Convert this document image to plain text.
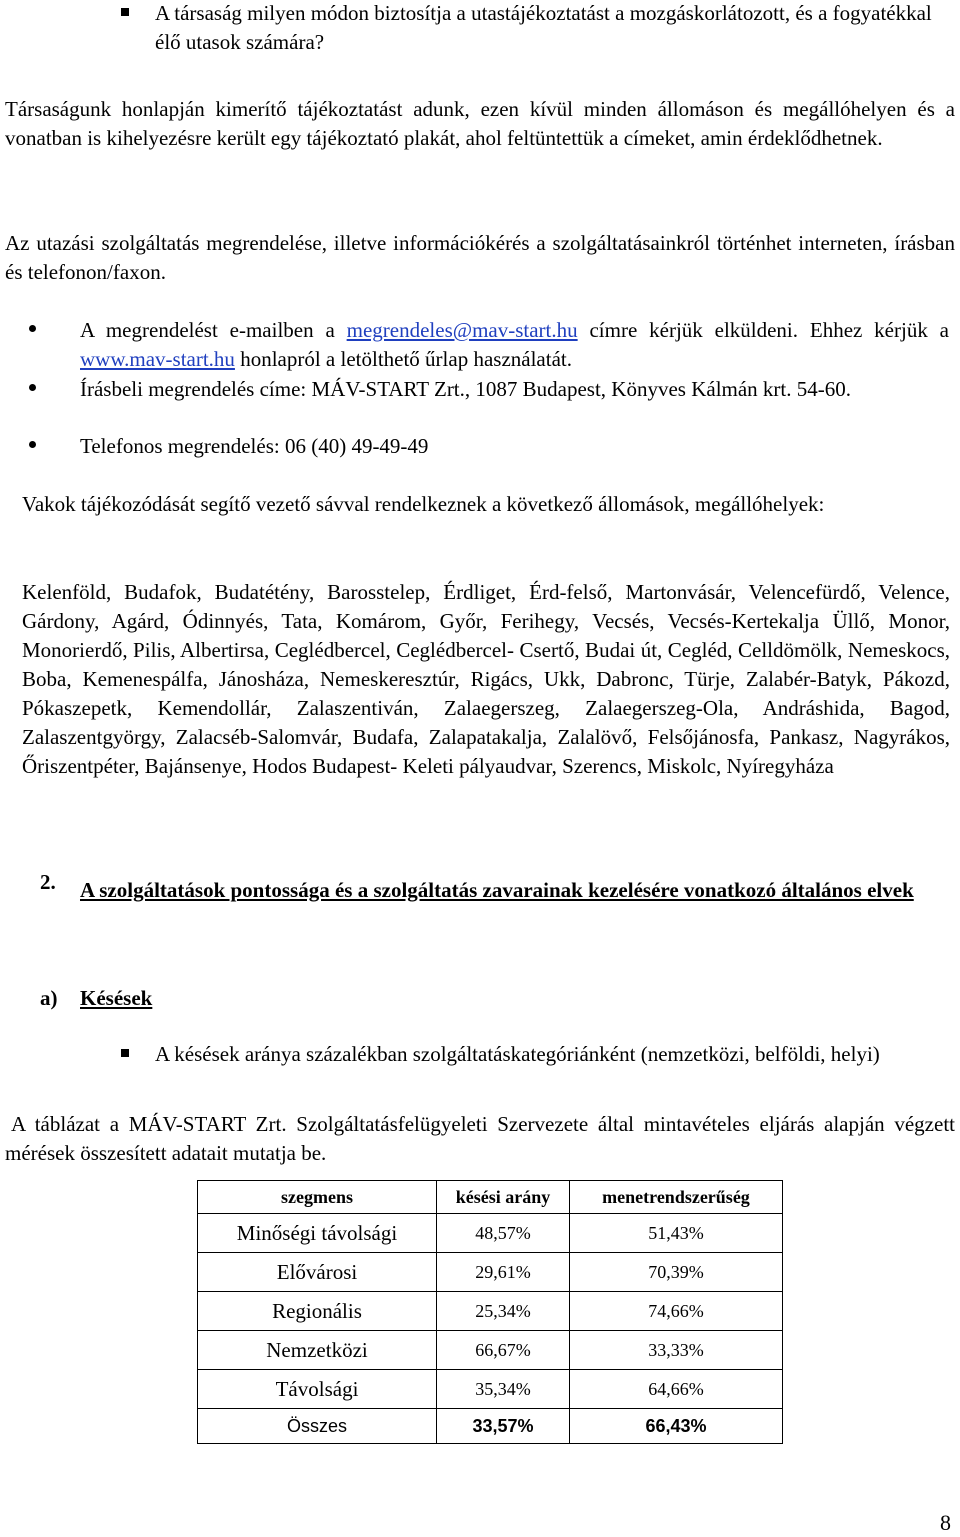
A társaság milyen módon biztosítja a utastájékoztatást a mozgáskorlátozott, és a fogyatékkal élő utasok számára?
Társaságunk honlapján kimerítő tájékoztatást adunk, ezen kívül minden állomáson és megállóhelyen és a vonatban is kihelyezésre került egy tájékoztató plakát, ahol feltüntettük a címeket, amin érdeklődhetnek.
Az utazási szolgáltatás megrendelése, illetve információkérés a szolgáltatásainkról történhet interneten, írásban és telefonon/faxon.
A megrendelést e-mailben a megrendeles@mav-start.hu címre kérjük elküldeni. Ehhez kérjük a www.mav-start.hu honlapról a letölthető űrlap használatát.
Írásbeli megrendelés címe: MÁV-START Zrt., 1087 Budapest, Könyves Kálmán krt. 54-60.
Telefonos megrendelés: 06 (40) 49-49-49
Vakok tájékozódását segítő vezető sávval rendelkeznek a következő állomások, megállóhelyek:
Kelenföld, Budafok, Budatétény, Barosstelep, Érdliget, Érd-felső, Martonvásár, Velencefürdő, Velence, Gárdony, Agárd, Ódinnyés, Tata, Komárom, Győr, Ferihegy, Vecsés, Vecsés-Kertekalja Üllő, Monor, Monorierdő, Pilis, Albertirsa, Ceglédbercel, Ceglédbercel- Csertő, Budai út, Cegléd, Celldömölk, Nemeskocs, Boba, Kemenespálfa, Jánosháza, Nemeskeresztúr, Rigács, Ukk, Dabronc, Türje, Zalabér-Batyk, Pákozd, Pókaszepetk, Kemendollár, Zalaszentiván, Zalaegerszeg, Zalaegerszeg-Ola, Andráshida, Bagod, Zalaszentgyörgy, Zalacséb-Salomvár, Budafa, Zalapatakalja, Zalalövő, Felsőjánosfa, Pankasz, Nagyrákos, Őriszentpéter, Bajánsenye, Hodos Budapest- Keleti pályaudvar, Szerencs, Miskolc, Nyíregyháza
2. A szolgáltatások pontossága és a szolgáltatás zavarainak kezelésére vonatkozó általános elvek
a) Késések
A késések aránya százalékban szolgáltatáskategóriánként (nemzetközi, belföldi, helyi)
A táblázat a MÁV-START Zrt. Szolgáltatásfelügyeleti Szervezete által mintavételes eljárás alapján végzett mérések összesített adatait mutatja be.
szegmens	késési arány	menetrendszerűség
Minőségi távolsági	48,57%	51,43%
Elővárosi	29,61%	70,39%
Regionális	25,34%	74,66%
Nemzetközi	66,67%	33,33%
Távolsági	35,34%	64,66%
Összes	33,57%	66,43%
8
